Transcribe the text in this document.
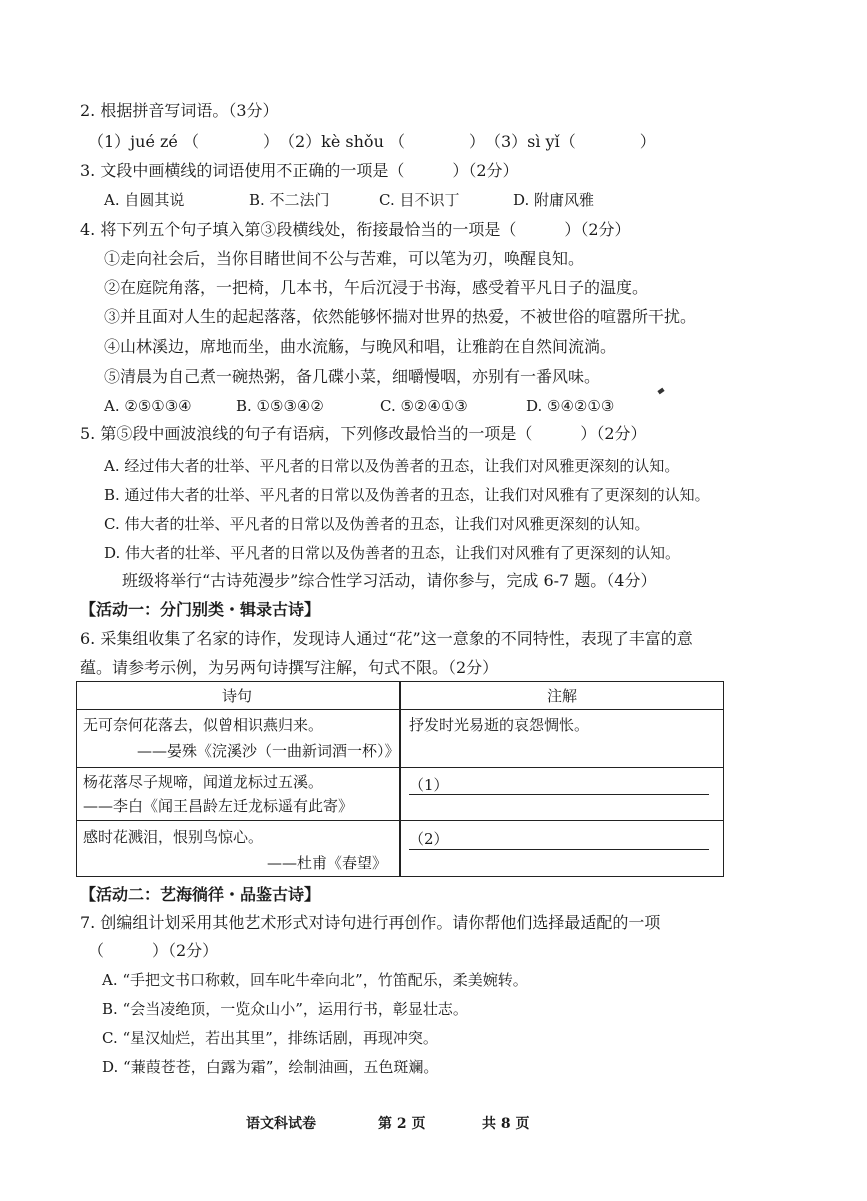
2. 根据拼音写词语。（3分）
（1）jué zé （　　　　）　（2）kè shǒu （　　　　）　（3）sì yǐ（　　　　）
3. 文段中画横线的词语使用不正确的一项是（　　　）（2分）
A. 自圆其说	B. 不二法门	C. 目不识丁	D. 附庸风雅
4. 将下列五个句子填入第③段横线处，衔接最恰当的一项是（　　　）（2分）
①走向社会后，当你目睹世间不公与苦难，可以笔为刃，唤醒良知。
②在庭院角落，一把椅，几本书，午后沉浸于书海，感受着平凡日子的温度。
③并且面对人生的起起落落，依然能够怀揣对世界的热爱，不被世俗的喧嚣所干扰。
④山林溪边，席地而坐，曲水流觞，与晚风和唱，让雅韵在自然间流淌。
⑤清晨为自己煮一碗热粥，备几碟小菜，细嚼慢咽，亦别有一番风味。
A. ②⑤①③④	B. ①⑤③④②	C. ⑤②④①③	D. ⑤④②①③
5. 第⑤段中画波浪线的句子有语病，下列修改最恰当的一项是（　　　）（2分）
A. 经过伟大者的壮举、平凡者的日常以及伪善者的丑态，让我们对风雅更深刻的认知。
B. 通过伟大者的壮举、平凡者的日常以及伪善者的丑态，让我们对风雅有了更深刻的认知。
C. 伟大者的壮举、平凡者的日常以及伪善者的丑态，让我们对风雅更深刻的认知。
D. 伟大者的壮举、平凡者的日常以及伪善者的丑态，让我们对风雅有了更深刻的认知。
班级将举行“古诗苑漫步”综合性学习活动，请你参与，完成 6-7 题。（4分）
【活动一：分门别类・辑录古诗】
6. 采集组收集了名家的诗作，发现诗人通过“花”这一意象的不同特性，表现了丰富的意
蕴。请参考示例，为另两句诗撰写注解，句式不限。（2分）
诗句	注解
无可奈何花落去，似曾相识燕归来。
——晏殊《浣溪沙（一曲新词酒一杯）》
抒发时光易逝的哀怨惆怅。
杨花落尽子规啼，闻道龙标过五溪。
——李白《闻王昌龄左迁龙标遥有此寄》
（1）
感时花溅泪，恨别鸟惊心。
——杜甫《春望》
（2）
【活动二：艺海徜徉・品鉴古诗】
7. 创编组计划采用其他艺术形式对诗句进行再创作。请你帮他们选择最适配的一项
（　　　）（2分）
A. “手把文书口称敕，回车叱牛牵向北”，竹笛配乐，柔美婉转。
B. “会当凌绝顶，一览众山小”，运用行书，彰显壮志。
C. “星汉灿烂，若出其里”，排练话剧，再现冲突。
D. “蒹葭苍苍，白露为霜”，绘制油画，五色斑斓。
语文科试卷	第 2 页	共 8 页
